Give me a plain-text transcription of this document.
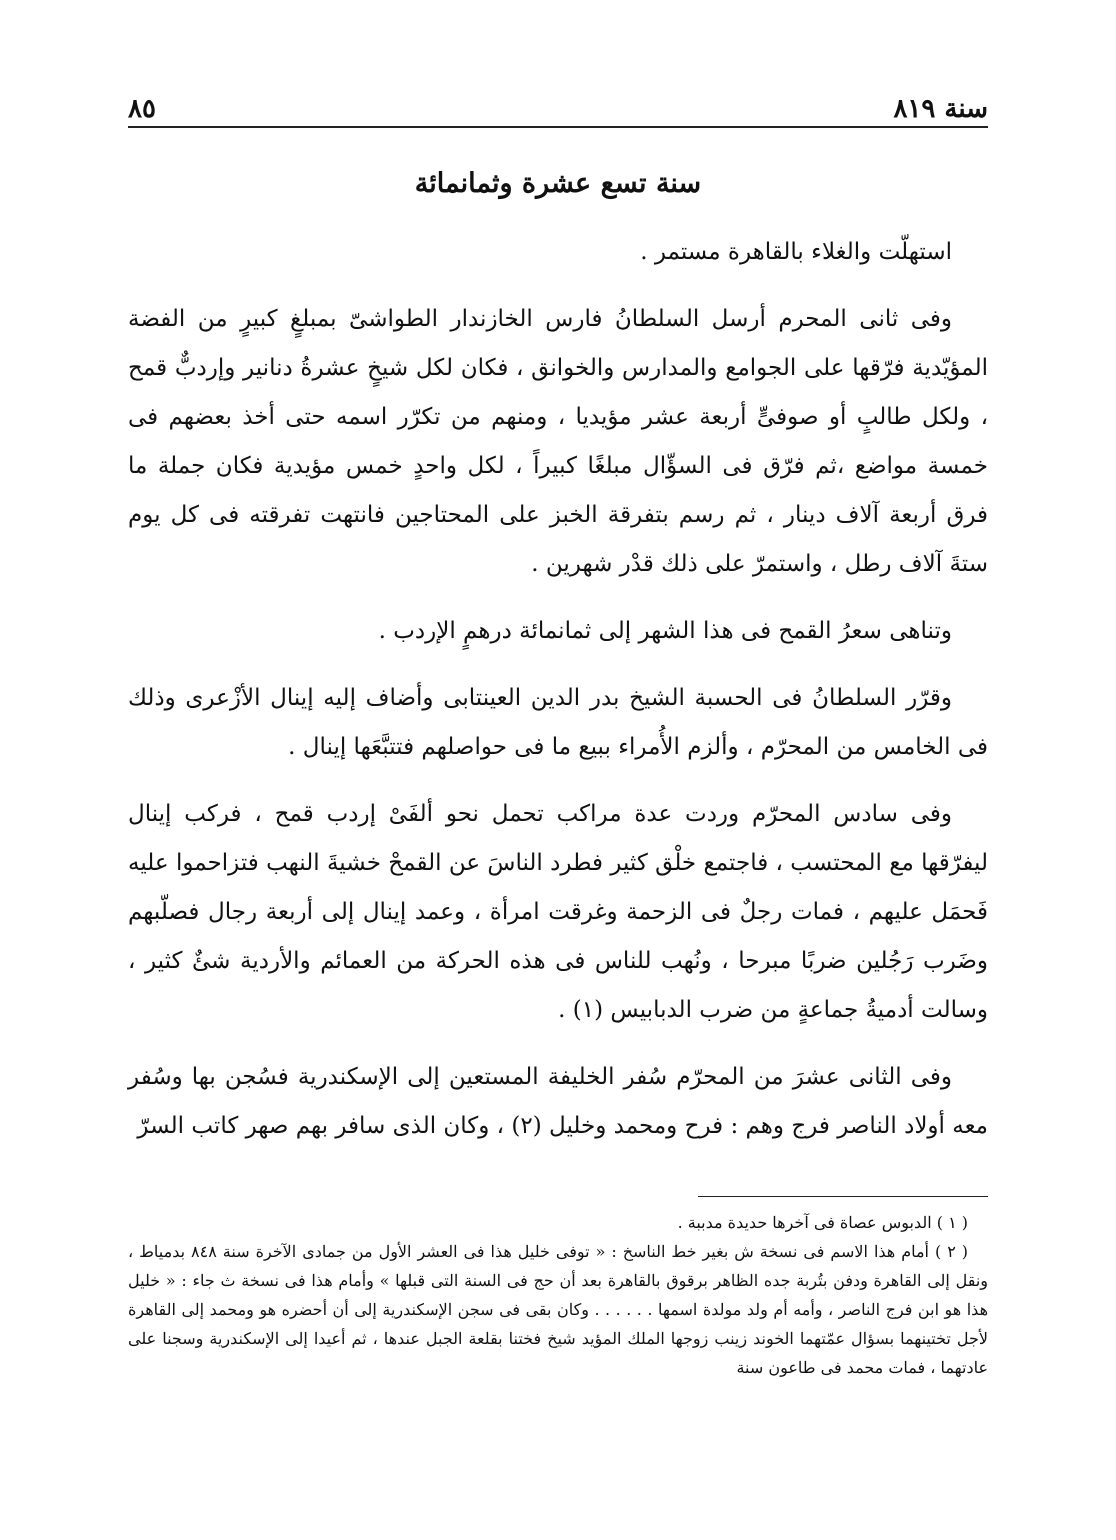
سنة ٨١٩
٨٥
سنة تسع عشرة وثمانمائة

استهلّت والغلاء بالقاهرة مستمر .

وفى ثانى المحرم أرسل السلطانُ فارس الخازندار الطواشىّ بمبلغٍ كبيرٍ من الفضة المؤيّدية فرّقها على الجوامع والمدارس والخوانق ، فكان لكل شيخٍ عشرةُ دنانير وإردبٌّ قمح ، ولكل طالبٍ أو صوفىٍّ أربعة عشر مؤيديا ، ومنهم من تكرّر اسمه حتى أخذ بعضهم فى خمسة مواضع ،ثم فرّق فى السؤّال مبلغًا كبيراً ، لكل واحدٍ خمس مؤيدية فكان جملة ما فرق أربعة آلاف دينار ، ثم رسم بتفرقة الخبز على المحتاجين فانتهت تفرقته فى كل يوم ستةَ آلاف رطل ، واستمرّ على ذلك قدْر شهرين .

وتناهى سعرُ القمح فى هذا الشهر إلى ثمانمائة درهمٍ الإردب .

وقرّر السلطانُ فى الحسبة الشيخ بدر الدين العينتابى وأضاف إليه إينال الأزْعرى وذلك فى الخامس من المحرّم ، وألزم الأُمراء ببيع ما فى حواصلهم فتتبَّعَها إينال .

وفى سادس المحرّم وردت عدة مراكب تحمل نحو ألفَىْ إردب قمح ، فركب إينال ليفرّقها مع المحتسب ، فاجتمع خلْق كثير فطرد الناسَ عن القمحْ خشيةَ النهب فتزاحموا عليه فَحمَل عليهم ، فمات رجلٌ فى الزحمة وغرقت امرأة ، وعمد إينال إلى أربعة رجال فصلّبهم وضَرب رَجُلين ضربًا مبرحا ، ونُهب للناس فى هذه الحركة من العمائم والأردية شئٌ كثير ، وسالت أدميةُ جماعةٍ من ضرب الدبابيس (١) .

وفى الثانى عشرَ من المحرّم سُفر الخليفة المستعين إلى الإسكندرية فسُجن بها وسُفر معه أولاد الناصر فرج وهم : فرح ومحمد وخليل (٢) ، وكان الذى سافر بهم صهر كاتب السرّ

( ١ ) الدبوس عصاة فى آخرها حديدة مدببة .

( ٢ ) أمام هذا الاسم فى نسخة ش بغير خط الناسخ : « توفى خليل هذا فى العشر الأول من جمادى الآخرة سنة ٨٤٨ بدمياط ، ونقل إلى القاهرة ودفن بتُربة جده الظاهر برقوق بالقاهرة بعد أن حج فى السنة التى قبلها » وأمام هذا فى نسخة ث جاء : « خليل هذا هو ابن فرج الناصر ، وأمه أم ولد مولدة اسمها . . . . . . وكان بقى فى سجن الإسكندرية إلى أن أحضره هو ومحمد إلى القاهرة لأجل تختينهما بسؤال عمّتهما الخوند زينب زوجها الملك المؤيد شيخ فختنا بقلعة الجبل عندها ، ثم أعيدا إلى الإسكندرية وسجنا على عادتهما ، فمات محمد فى طاعون سنة
